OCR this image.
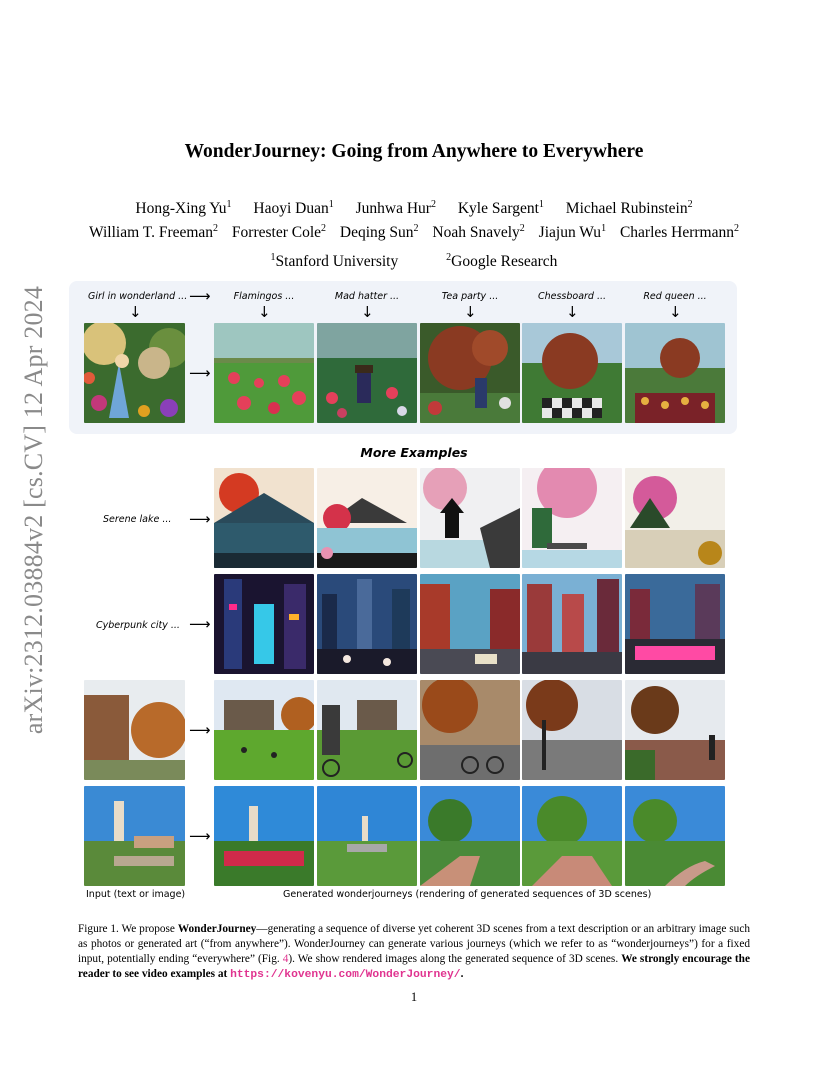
arXiv:2312.03884v2 [cs.CV] 12 Apr 2024
WonderJourney: Going from Anywhere to Everywhere
Hong-Xing Yu$^1$ Haoyi Duan$^1$ Junhwa Hur$^2$ Kyle Sargent$^1$ Michael Rubinstein$^2$
William T. Freeman$^2$ Forrester Cole$^2$ Deqing Sun$^2$ Noah Snavely$^2$ Jiajun Wu$^1$ Charles Herrmann$^2$
$^1$Stanford University	$^2$Google Research
Girl in wonderland ... ⟶
↓
Flamingos ...	Mad hatter ...	Tea party ...	Chessboard ...	Red queen ...
↓	↓	↓	↓	↓
⟶
More Examples
Serene lake ... ⟶
Cyberpunk city ... ⟶
⟶
⟶
Input (text or image)	Generated wonderjourneys (rendering of generated sequences of 3D scenes)
Figure 1. We propose WonderJourney—generating a sequence of diverse yet coherent 3D scenes from a text description or an arbitrary image such as photos or generated art (“from anywhere”). WonderJourney can generate various journeys (which we refer to as “wonderjourneys”) for a fixed input, potentially ending “everywhere” (Fig. 4). We show rendered images along the generated sequence of 3D scenes. We strongly encourage the reader to see video examples at https://kovenyu.com/WonderJourney/.
1
